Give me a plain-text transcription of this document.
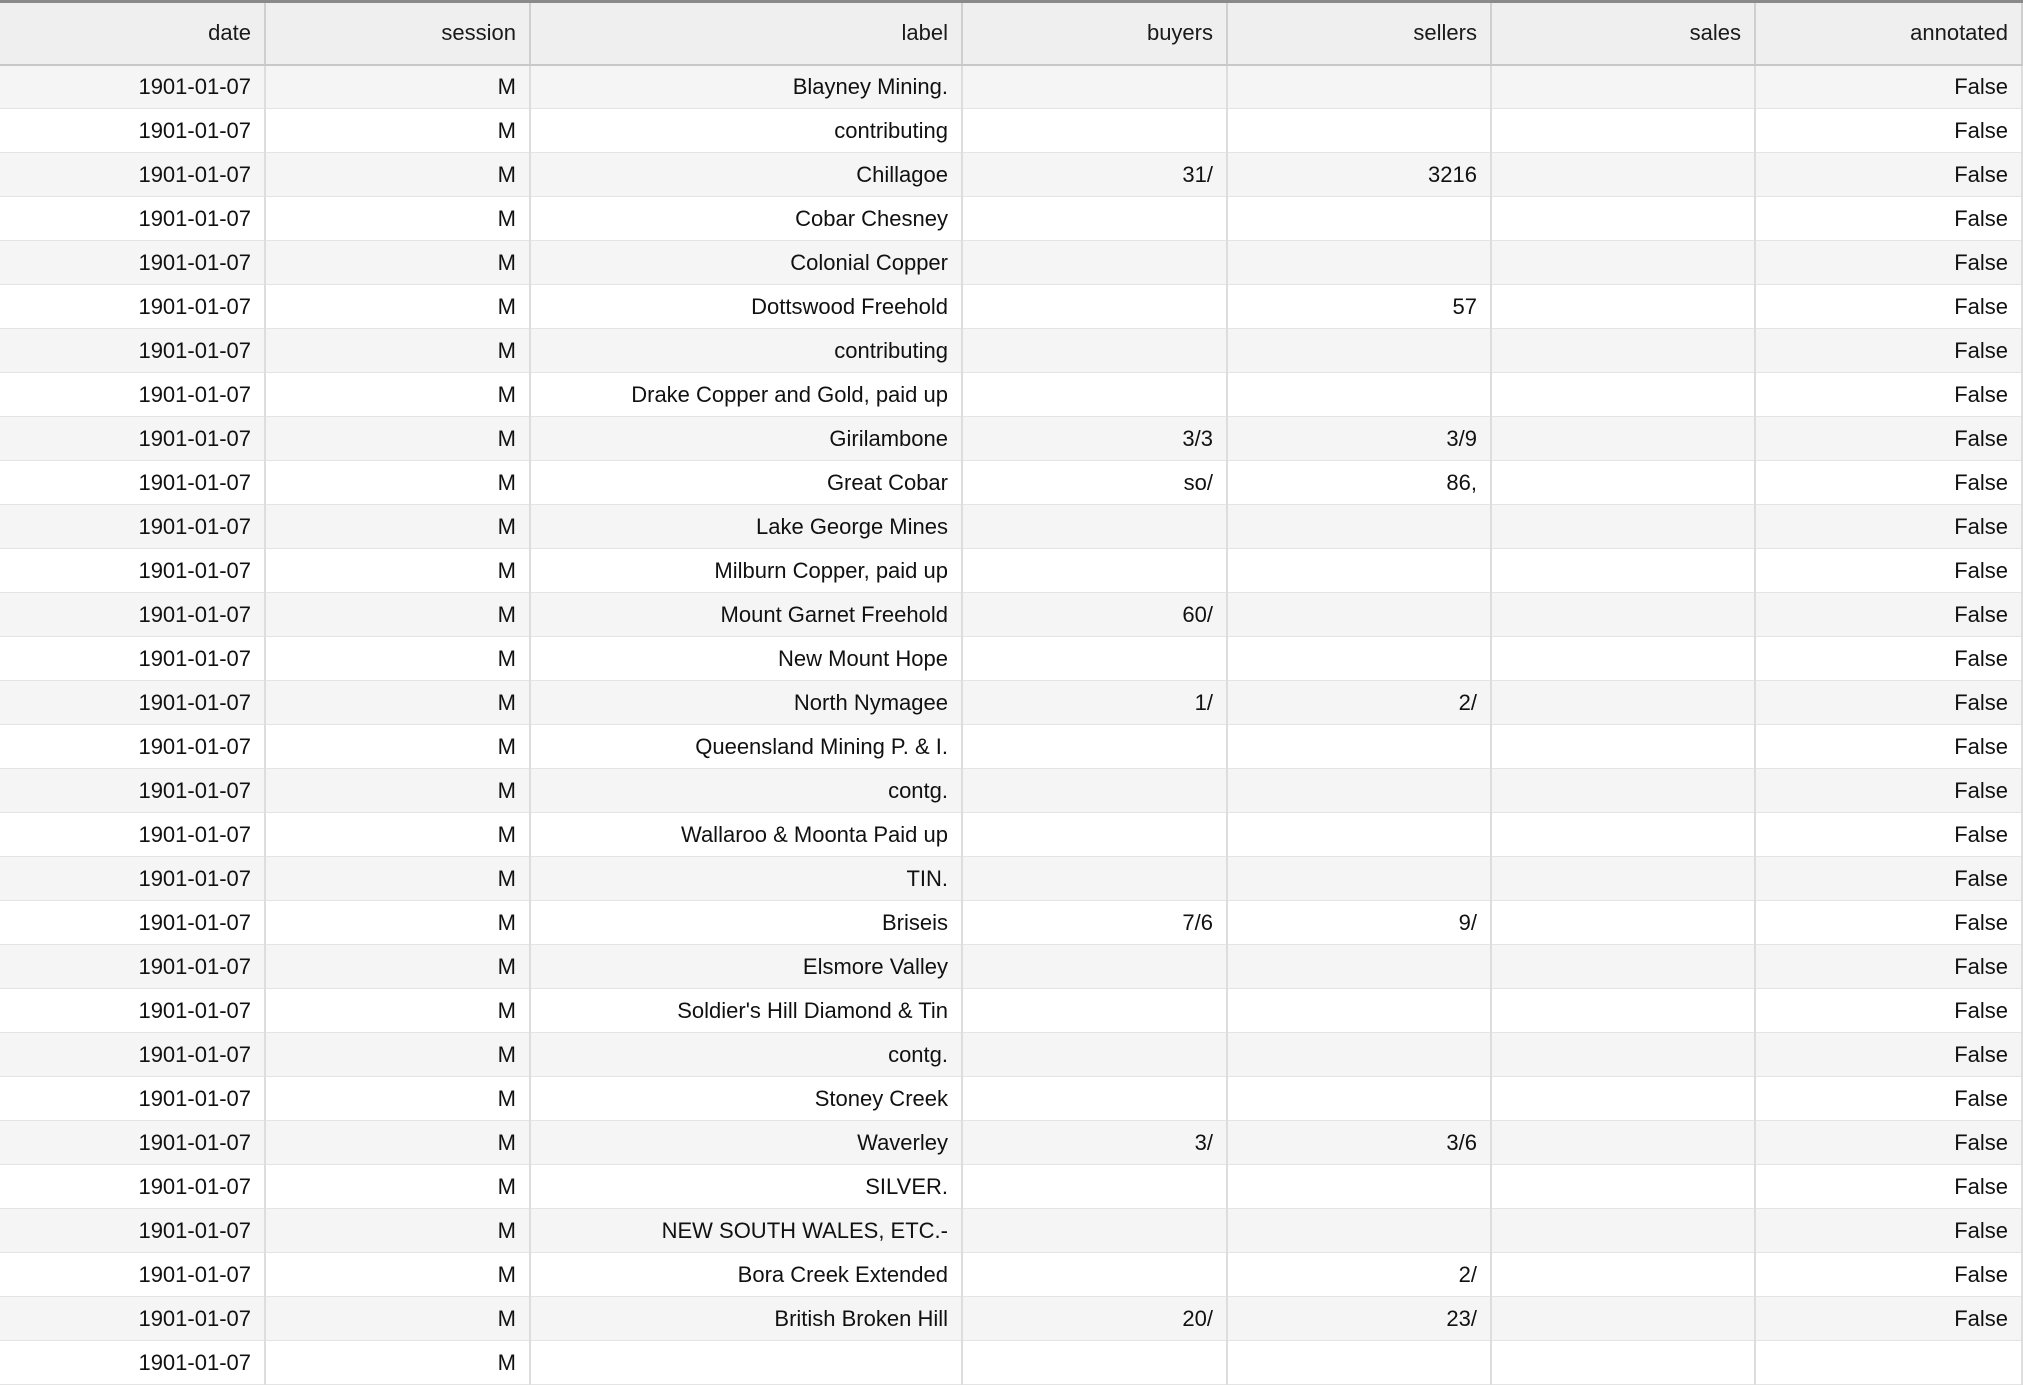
date	session	label	buyers	sellers	sales	annotated
1901-01-07	M	Blayney Mining.				False
1901-01-07	M	contributing				False
1901-01-07	M	Chillagoe	31/	3216		False
1901-01-07	M	Cobar Chesney				False
1901-01-07	M	Colonial Copper				False
1901-01-07	M	Dottswood Freehold		57		False
1901-01-07	M	contributing				False
1901-01-07	M	Drake Copper and Gold, paid up				False
1901-01-07	M	Girilambone	3/3	3/9		False
1901-01-07	M	Great Cobar	so/	86,		False
1901-01-07	M	Lake George Mines				False
1901-01-07	M	Milburn Copper, paid up				False
1901-01-07	M	Mount Garnet Freehold	60/			False
1901-01-07	M	New Mount Hope				False
1901-01-07	M	North Nymagee	1/	2/		False
1901-01-07	M	Queensland Mining P. & I.				False
1901-01-07	M	contg.				False
1901-01-07	M	Wallaroo & Moonta Paid up				False
1901-01-07	M	TIN.				False
1901-01-07	M	Briseis	7/6	9/		False
1901-01-07	M	Elsmore Valley				False
1901-01-07	M	Soldier's Hill Diamond & Tin				False
1901-01-07	M	contg.				False
1901-01-07	M	Stoney Creek				False
1901-01-07	M	Waverley	3/	3/6		False
1901-01-07	M	SILVER.				False
1901-01-07	M	NEW SOUTH WALES, ETC.-				False
1901-01-07	M	Bora Creek Extended		2/		False
1901-01-07	M	British Broken Hill	20/	23/		False
1901-01-07	M					
